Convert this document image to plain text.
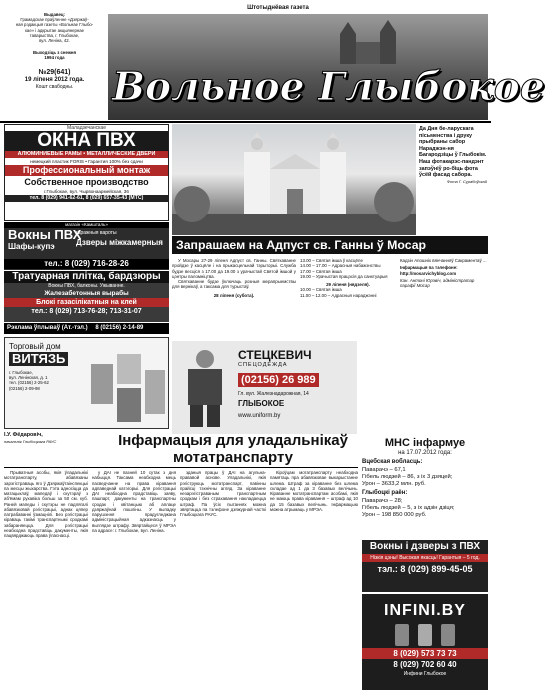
Выдавец:
Грамадскае праўленне «Дзяржаў-
ная рэдакцыя газеты «Вольнае Глыбо-
кае» і адкрытае акцыянернае
таварыства, г. Глыбокае,
вул. Леніна, 42.
Выходзіць з снежня
1994 года
№29(641)
19 ліпеня 2012 года.
Кошт свабодны.
Штотыднёвая газета
Вольное Глыбокое
Маладзечанскае
ОКНА ПВХ
АЛЮМИНИЕВЫЕ РАМЫ • МЕТАЛЛИЧЕСКИЕ ДВЕРИ
немецкий пластик FORIS • Гарантия 100% без сдачи
Профессиональный монтаж
Собственное производство
г.Глыбокае, вул. Чырвонаармейская, 36
тел. 8 (029) 941-62-61, 8 (029) 657-35-43 (МТС)
магазін «Камшталь»
Вокны ПВХ
Шафы-купэ
гаражныя вароты
Дзверы міжкамерныя
тел.: 8 (029) 716-28-26
Тратуарная плітка, бардзюры
Вокны ПВХ, балконы. Ужыванне.
Жалезабетонныя вырабы
Блокі газасілікатныя на клей
тел.: 8 (029) 713-76-28; 713-31-07
Рэклама ўплываў (Ат.-тэл.) 8 (02156) 2-14-89
Да Дня бе-ларускага пісьменства і друку прыбраны сабор Нараджэн-ня Багародзіцы ў Глыбокім. Наш фотакарэс-пандэнт запэўніў ро-біць фота ўсёй фасад сабора.
Фота Г. Сурабоўскай
Запрашаем на Адпуст св. Ганны ў Мосар

У Мосары 27-29 ліпеня Адпуст св. Ганны. Святкаванне пройдзе ў касцёле і на прыкасцельнай тэрыторыі. Служба будзе весціся з 17.00 да 19.00 з урачыстай Святой імшой у цэнтры паломніцтва.

Святкаванне будзе ўключаць розныя мерапрыемствы для вернікаў, а таксама для турыстаў.

28 ліпеня (субота).

13.00 – Святая імша ў касцёле
14.00 – 17.00 – Адрасныя набажэнствы
17.00 – Святая імша
19.00 – Урачыстая працэсія да санктуарыя
29 ліпеня (нядзеля).
10.00 – Святая імша
11.00 – 12.00 – Адрасныя нараджэнні
Кадзін Апошніх вянчанняў Сакраментаў ...
Інфармацыя па тэлефоне: http://mosarvichyblog.com
Кан. Антоні Юрэвіч, адміністратар парафіі Мосар
Торговый дом
ВИТЯЗЬ
г. Глыбокае,
вул. Ленінская, д. 1
тел. (02156) 2-25-62
(02156) 2-09-98
СТЕЦКЕВИЧ
СПЕЦОДЕЖДА
(02156) 26 989
Гл. вул. Жалезнадарожная, 14
ГЛЫБОКОЕ
www.uniform.by
І.У. Фёдаровіч,
начальнік Глыбоцкага РАУС	Інфармацыя для уладальнікаў
мотатранспарту

Прыватныя асобы, якія ўладальнікі мотатранспарту, абавязаны зарэгістраваць яго ў Дзяржаўтаінспекцыі па месцы жыхарства. Гэта адносіцца да матацыклаў, мапедаў і скутэраў з аб'ёмам рухавіка больш за 50 см. куб. Раней мапеды і скутэры не падлягалі абавязковай рэгістрацыі, аднак цяпер патрабаванні ўзмацнілі. Без рэгістрацыі кіраваць такімі транспартнымі сродкамі забараняецца. Для рэгістрацыі неабходна прадставіць дакументы, якія пацвярджаюць права ўласнасці.

у ДАІ не пазней 10 сутак з дня набыцця. Таксама неабходна мець пасведчанне на права кіравання адпаведнай катэгорыі. Для рэгістрацыі ДАІ неабходна прадставіць заяву, пашпарт, дакументы на транспартны сродак і квітанцыю аб аплаце дзяржаўнай пошліны. У выпадку парушэння прадугледжана адміністрацыйная адказнасць у выглядзе штрафу. Звяртайцеся ў МРЭА па адрасе: г. Глыбокае, вул. Леніна.

зданыя працы ў ДАІ на агульна-прававой аснове. Уладальнікі, якія рэгіструюць мотатранспарт, павінны прайсці тэхнічны агляд. За кіраванне незарэгістраваным транспартным сродкам і без страхавання накладаецца штраф. Па ўсіх пытаннях можна звяртацца па тэлефоне дзяжурнай часткі Глыбоцкага РАУС.

Кіроўцам мотатранспарту неабходна памятаць пра абавязковае выкарыстанне шлема. Штраф за кіраванне без шлема складае ад 1 да 3 базавых велічынь. Кіраванне мотатранспартам асобамі, якія не маюць права кіравання – штраф ад 10 да 15 базавых велічынь. Інфармацыю можна атрымаць у МРЭА.

МНС інфармуе
на 17.07.2012 года:
Вцебская вобласць:
Паварачэ – 67,1
Гібель людзей – 86, з іх 3 дзяцей;
Урон – 3633,2 млн. руб.
Глыбоцкі раён:
Паварачэ – 28;
Гібель людзей – 5, з іх адзін дзіця;
Урон – 198 850 000 руб.
Вокны і дзверы з ПВХ
Нізкія цэны! Высокая якасць! Гарантыя – 5 год.
тэл.: 8 (029) 899-45-05
INFINI.BY
8 (029) 573 73 73
8 (029) 702 60 40
Инфини Глыбокое
